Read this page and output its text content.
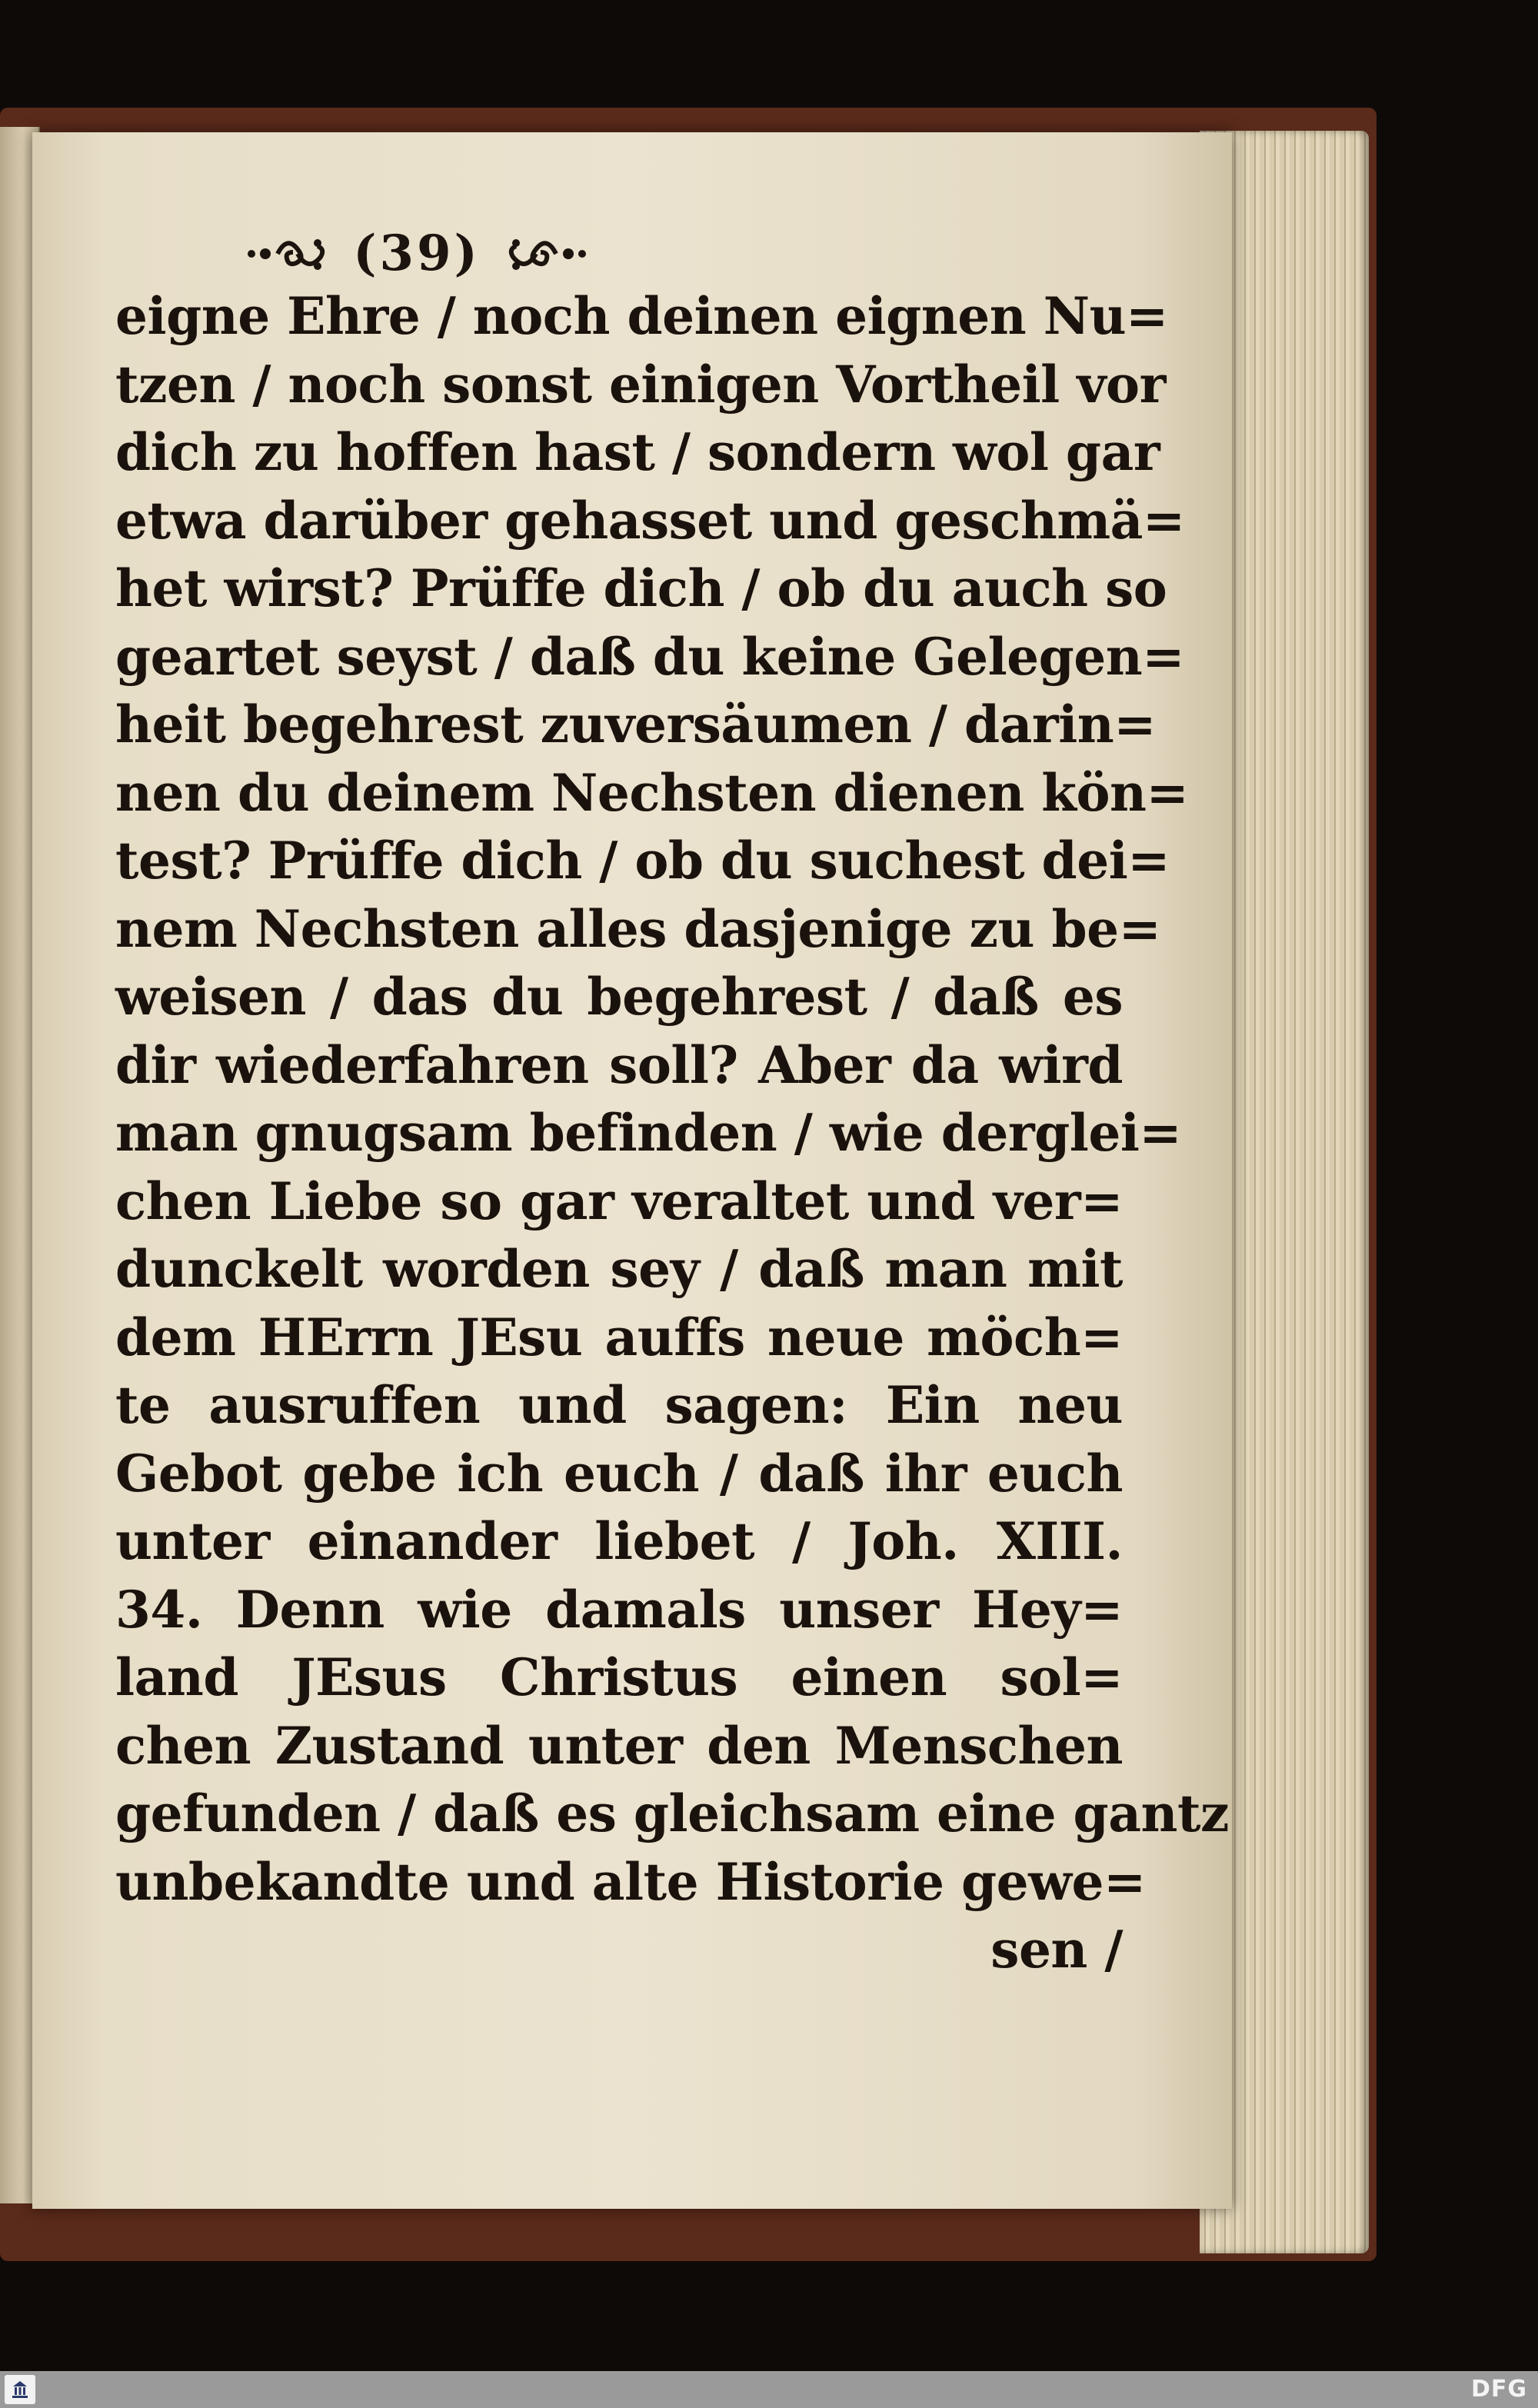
(39)
eigne Ehre / noch deinen eignen Nu=
tzen / noch sonst einigen Vortheil vor
dich zu hoffen hast / sondern wol gar
etwa darüber gehasset und geschmä=
het wirst? Prüffe dich / ob du auch so
geartet seyst / daß du keine Gelegen=
heit begehrest zuversäumen / darin=
nen du deinem Nechsten dienen kön=
test? Prüffe dich / ob du suchest dei=
nem Nechsten alles dasjenige zu be=
weisen / das du begehrest / daß es
dir wiederfahren soll? Aber da wird
man gnugsam befinden / wie derglei=
chen Liebe so gar veraltet und ver=
dunckelt worden sey / daß man mit
dem HErrn JEsu auffs neue möch=
te ausruffen und sagen: Ein neu
Gebot gebe ich euch / daß ihr euch
unter einander liebet / Joh. XIII.
34. Denn wie damals unser Hey=
land JEsus Christus einen sol=
chen Zustand unter den Menschen
gefunden / daß es gleichsam eine gantz
unbekandte und alte Historie gewe=
sen /
DFG
